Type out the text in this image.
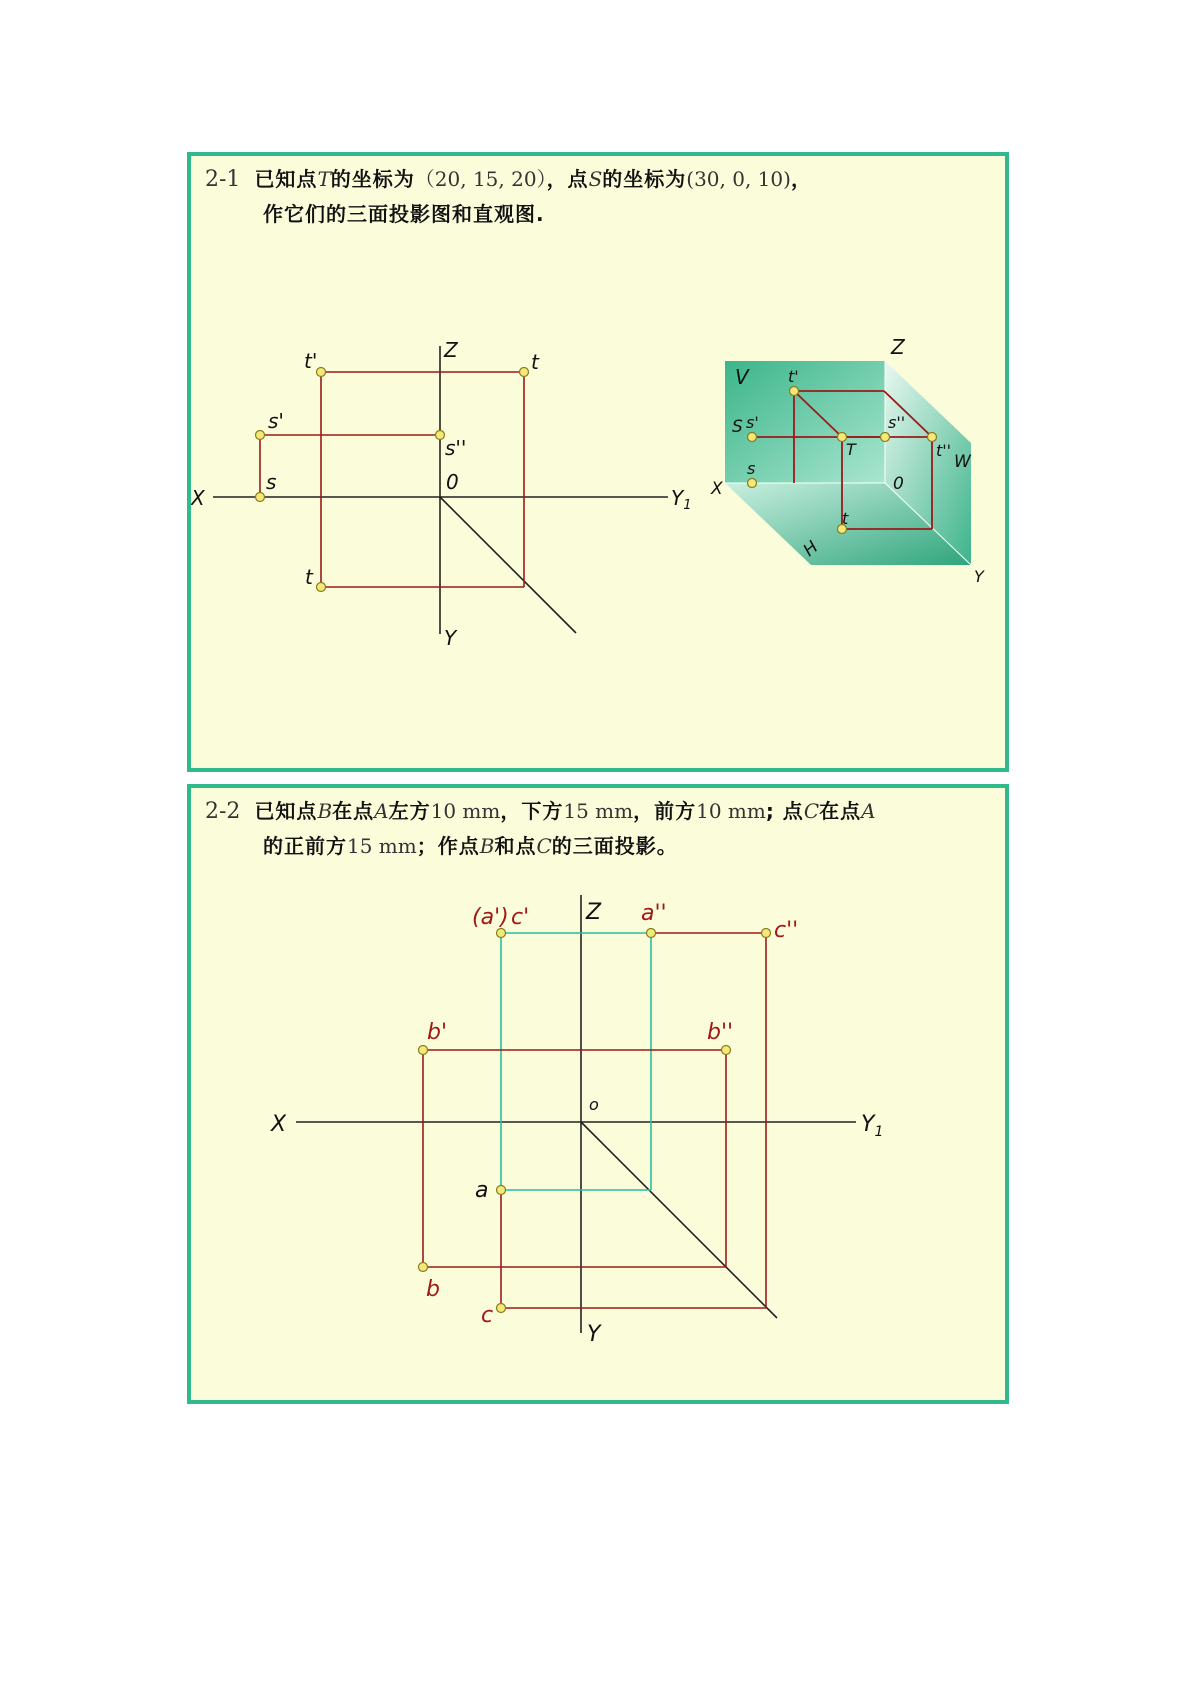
2-1 已知点T的坐标为（20, 15, 20），点S的坐标为(30, 0, 10)，
作它们的三面投影图和直观图.
Z
t'	t
s'
s''
s	0
X	$Y_1$
t
Y
Z
V t'
S s'	s''
T	t''
W
s
X	0
t
H
Y
2-2 已知点B在点A左方10 mm，下方15 mm，前方10 mm; 点C在点A
的正前方15 mm；作点B和点C的三面投影。
(a') c'	Z a''
c''
b'	b''
o
X	$Y_1$
a
b
c
Y
